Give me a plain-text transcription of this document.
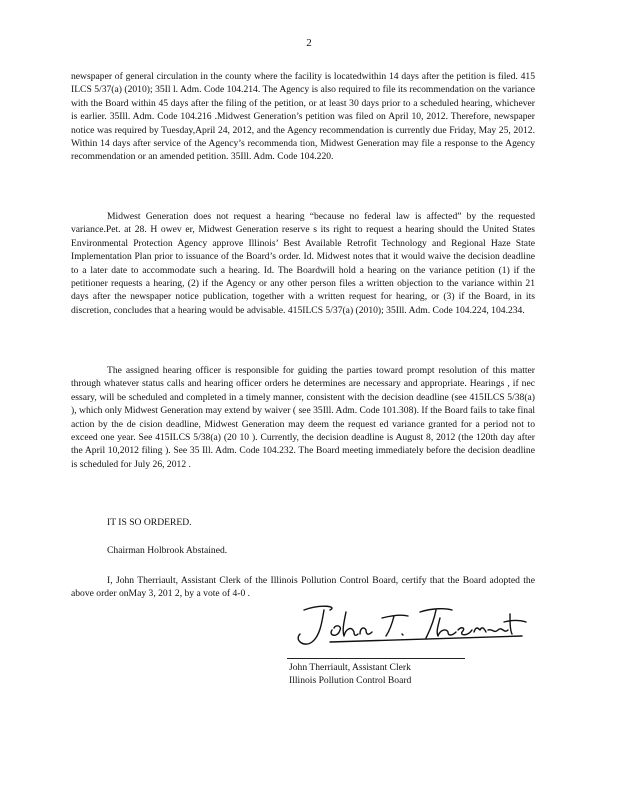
2
newspaper of general circulation in the county where the facility is locatedwithin 14 days after the petition is filed. 415 ILCS 5/37(a) (2010); 35Il l. Adm. Code 104.214. The Agency is also required to file its recommendation on the variance with the Board within 45 days after the filing of the petition, or at least 30 days prior to a scheduled hearing, whichever is earlier. 35Ill. Adm. Code 104.216 .Midwest Generation’s petition was filed on April 10, 2012. Therefore, newspaper notice was required by Tuesday,April 24, 2012, and the Agency recommendation is currently due Friday, May 25, 2012. Within 14 days after service of the Agency’s recommenda tion, Midwest Generation may file a response to the Agency recommendation or an amended petition. 35Ill. Adm. Code 104.220.
Midwest Generation does not request a hearing “because no federal law is affected” by the requested variance.Pet. at 28. H owev er, Midwest Generation reserve s its right to request a hearing should the United States Environmental Protection Agency approve Illinois’ Best Available Retrofit Technology and Regional Haze State Implementation Plan prior to issuance of the Board’s order. Id. Midwest notes that it would waive the decision deadline to a later date to accommodate such a hearing. Id. The Boardwill hold a hearing on the variance petition (1) if the petitioner requests a hearing, (2) if the Agency or any other person files a written objection to the variance within 21 days after the newspaper notice publication, together with a written request for hearing, or (3) if the Board, in its discretion, concludes that a hearing would be advisable. 415ILCS 5/37(a) (2010); 35Ill. Adm. Code 104.224, 104.234.
The assigned hearing officer is responsible for guiding the parties toward prompt resolution of this matter through whatever status calls and hearing officer orders he determines are necessary and appropriate. Hearings , if nec essary, will be scheduled and completed in a timely manner, consistent with the decision deadline (see 415ILCS 5/38(a) ), which only Midwest Generation may extend by waiver ( see 35Ill. Adm. Code 101.308). If the Board fails to take final action by the de cision deadline, Midwest Generation may deem the request ed variance granted for a period not to exceed one year. See 415ILCS 5/38(a) (20 10 ). Currently, the decision deadline is August 8, 2012 (the 120th day after the April 10,2012 filing ). See 35 Ill. Adm. Code 104.232. The Board meeting immediately before the decision deadline is scheduled for July 26, 2012 .
IT IS SO ORDERED.
Chairman Holbrook Abstained.
I, John Therriault, Assistant Clerk of the Illinois Pollution Control Board, certify that the Board adopted the above order onMay 3, 201 2, by a vote of 4-0 .
John Therriault, Assistant Clerk
Illinois Pollution Control Board
